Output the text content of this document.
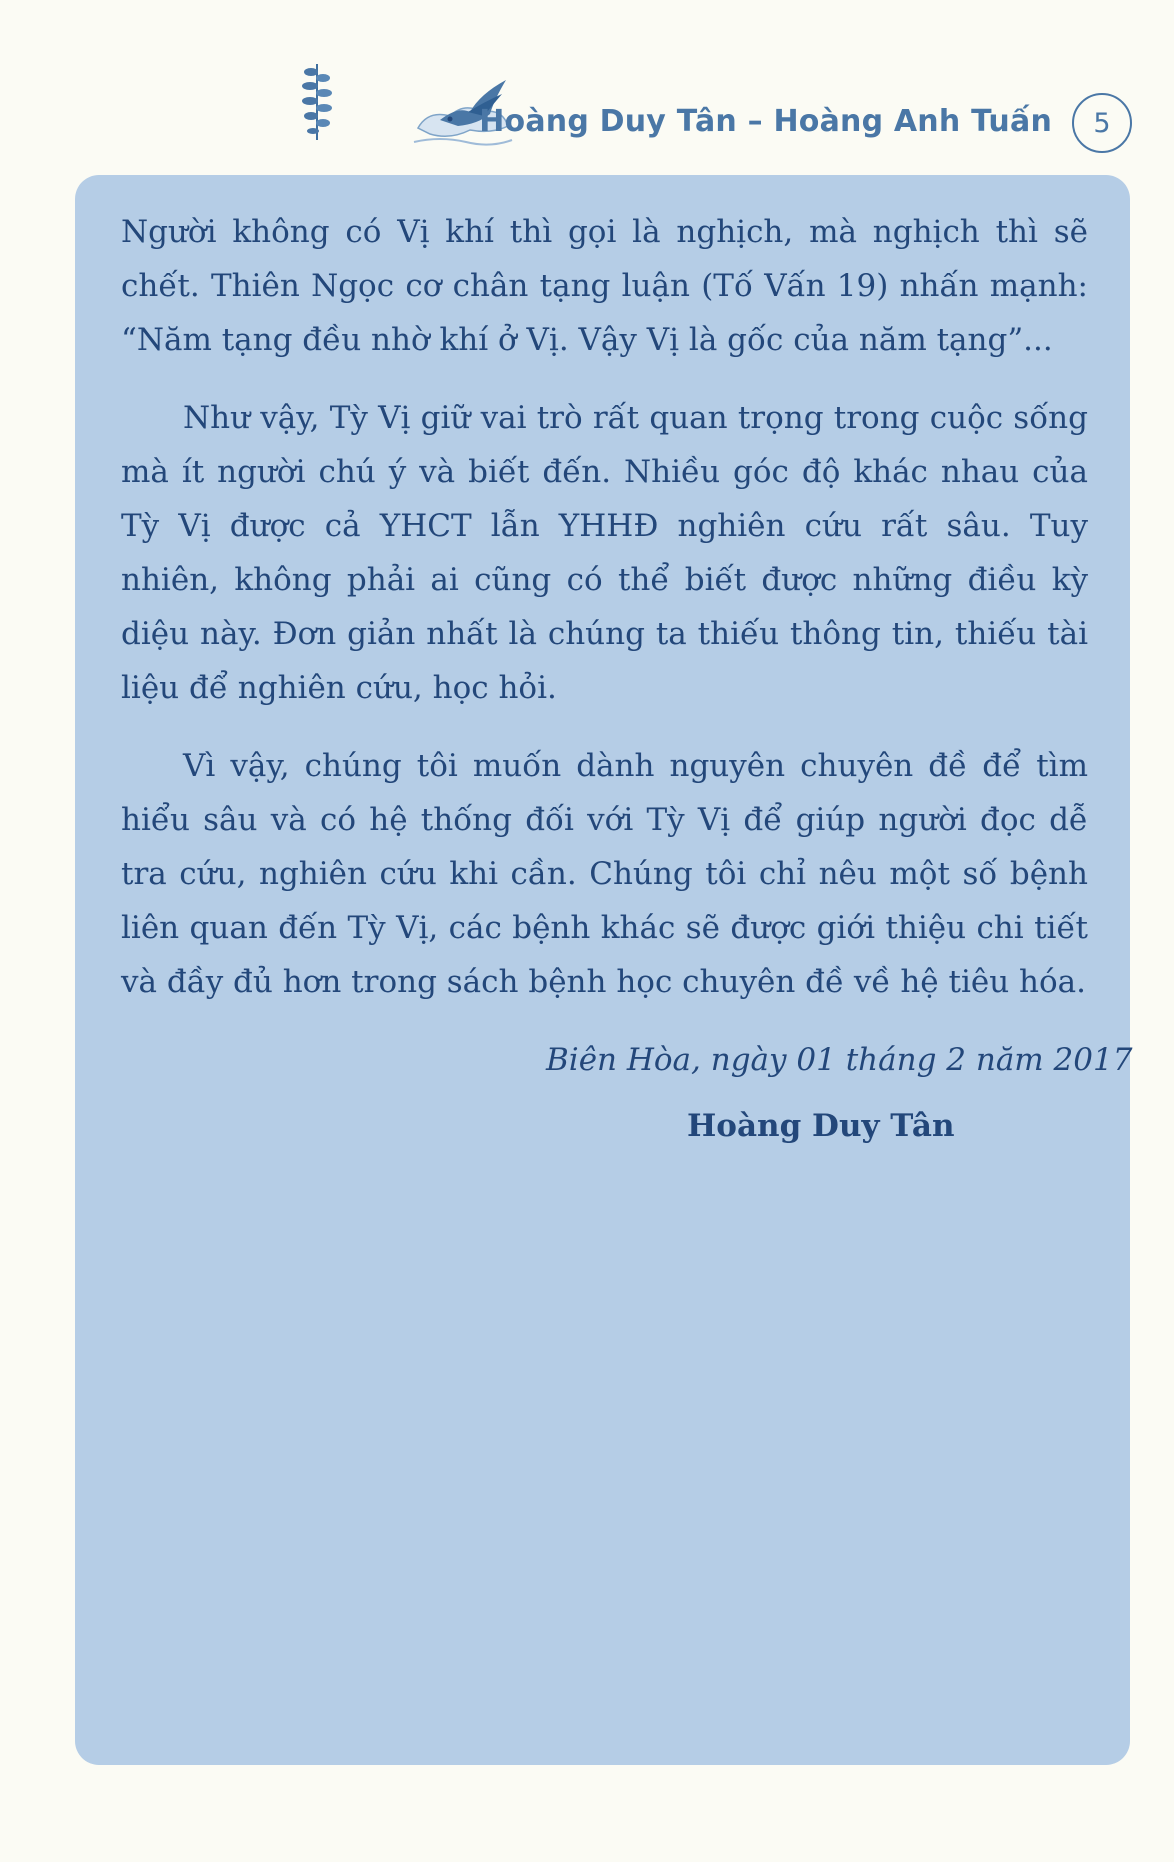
Hoàng Duy Tân – Hoàng Anh Tuấn	5

Người không có Vị khí thì gọi là nghịch, mà nghịch thì sẽ chết. Thiên Ngọc cơ chân tạng luận (Tố Vấn 19) nhấn mạnh: “Năm tạng đều nhờ khí ở Vị. Vậy Vị là gốc của năm tạng”...

Như vậy, Tỳ Vị giữ vai trò rất quan trọng trong cuộc sống mà ít người chú ý và biết đến. Nhiều góc độ khác nhau của Tỳ Vị được cả YHCT lẫn YHHĐ nghiên cứu rất sâu. Tuy nhiên, không phải ai cũng có thể biết được những điều kỳ diệu này. Đơn giản nhất là chúng ta thiếu thông tin, thiếu tài liệu để nghiên cứu, học hỏi.

Vì vậy, chúng tôi muốn dành nguyên chuyên đề để tìm hiểu sâu và có hệ thống đối với Tỳ Vị để giúp người đọc dễ tra cứu, nghiên cứu khi cần. Chúng tôi chỉ nêu một số bệnh liên quan đến Tỳ Vị, các bệnh khác sẽ được giới thiệu chi tiết và đầy đủ hơn trong sách bệnh học chuyên đề về hệ tiêu hóa.

Biên Hòa, ngày 01 tháng 2 năm 2017

Hoàng Duy Tân
